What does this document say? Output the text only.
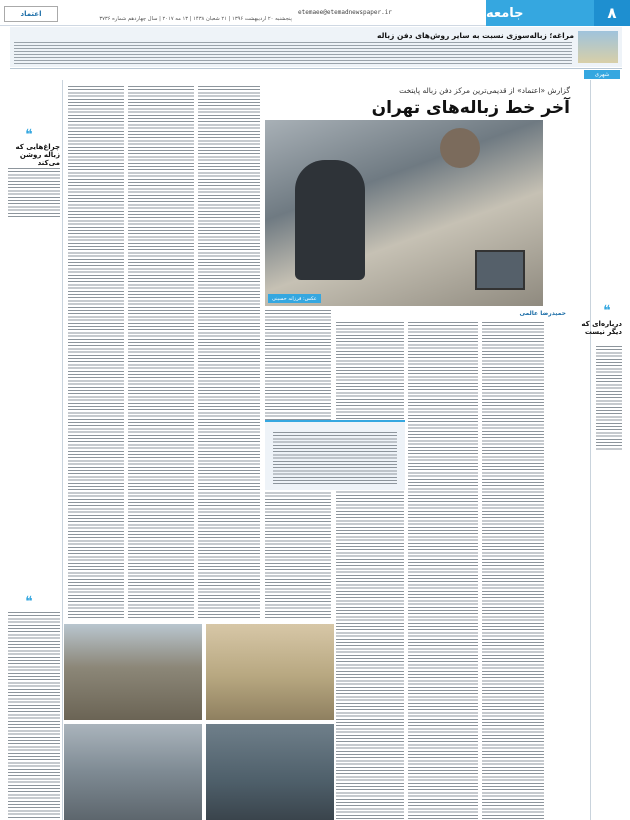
۸
جامعه
etemaee@etemadnewspaper.ir
پنجشنبه ۲۰ اردیبهشت ۱۳۹۶ | ۲۱ شعبان ۱۴۳۸ | ۱۳ مه ۲۰۱۷ | سال چهاردهم شماره ۳۷۳۶
اعتماد
مراغه؛ زباله‌سوزی نسبت به سایر روش‌های دفن زباله
شهری
❝
درباره‌ای که دیگر نیست
❝
چراغ‌هایی که زباله روشن می‌کند
❝
گزارش «اعتماد» از قدیمی‌ترین مرکز دفن زباله پایتخت
آخر خط زباله‌های تهران
عکس: فرزانه حسینی
حمیدرضا عالمی
